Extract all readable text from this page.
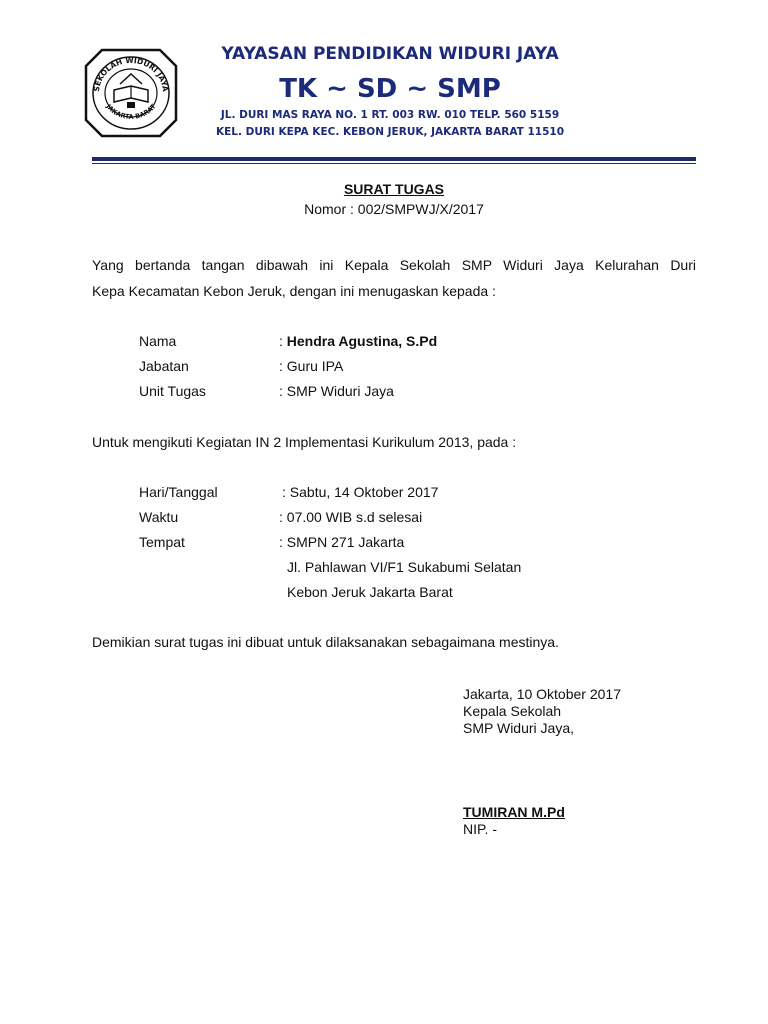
SEKOLAH WIDURI JAYA
JAKARTA BARAT
YAYASAN PENDIDIKAN WIDURI JAYA
TK ~ SD ~ SMP
JL. DURI MAS RAYA NO. 1 RT. 003 RW. 010 TELP. 560 5159
KEL. DURI KEPA KEC. KEBON JERUK, JAKARTA BARAT 11510
SURAT TUGAS
Nomor : 002/SMPWJ/X/2017
Yang bertanda tangan dibawah ini Kepala Sekolah SMP Widuri Jaya Kelurahan Duri
Kepa Kecamatan Kebon Jeruk, dengan ini menugaskan kepada :
Nama	: Hendra Agustina, S.Pd
Jabatan	: Guru IPA
Unit Tugas	: SMP Widuri Jaya
Untuk mengikuti Kegiatan IN 2 Implementasi Kurikulum 2013, pada :
Hari/Tanggal	: Sabtu, 14 Oktober 2017
Waktu	: 07.00 WIB s.d selesai
Tempat	: SMPN 271 Jakarta
Jl. Pahlawan VI/F1 Sukabumi Selatan
Kebon Jeruk Jakarta Barat
Demikian surat tugas ini dibuat untuk dilaksanakan sebagaimana mestinya.
Jakarta, 10 Oktober 2017
Kepala Sekolah
SMP Widuri Jaya,
TUMIRAN M.Pd
NIP. -
